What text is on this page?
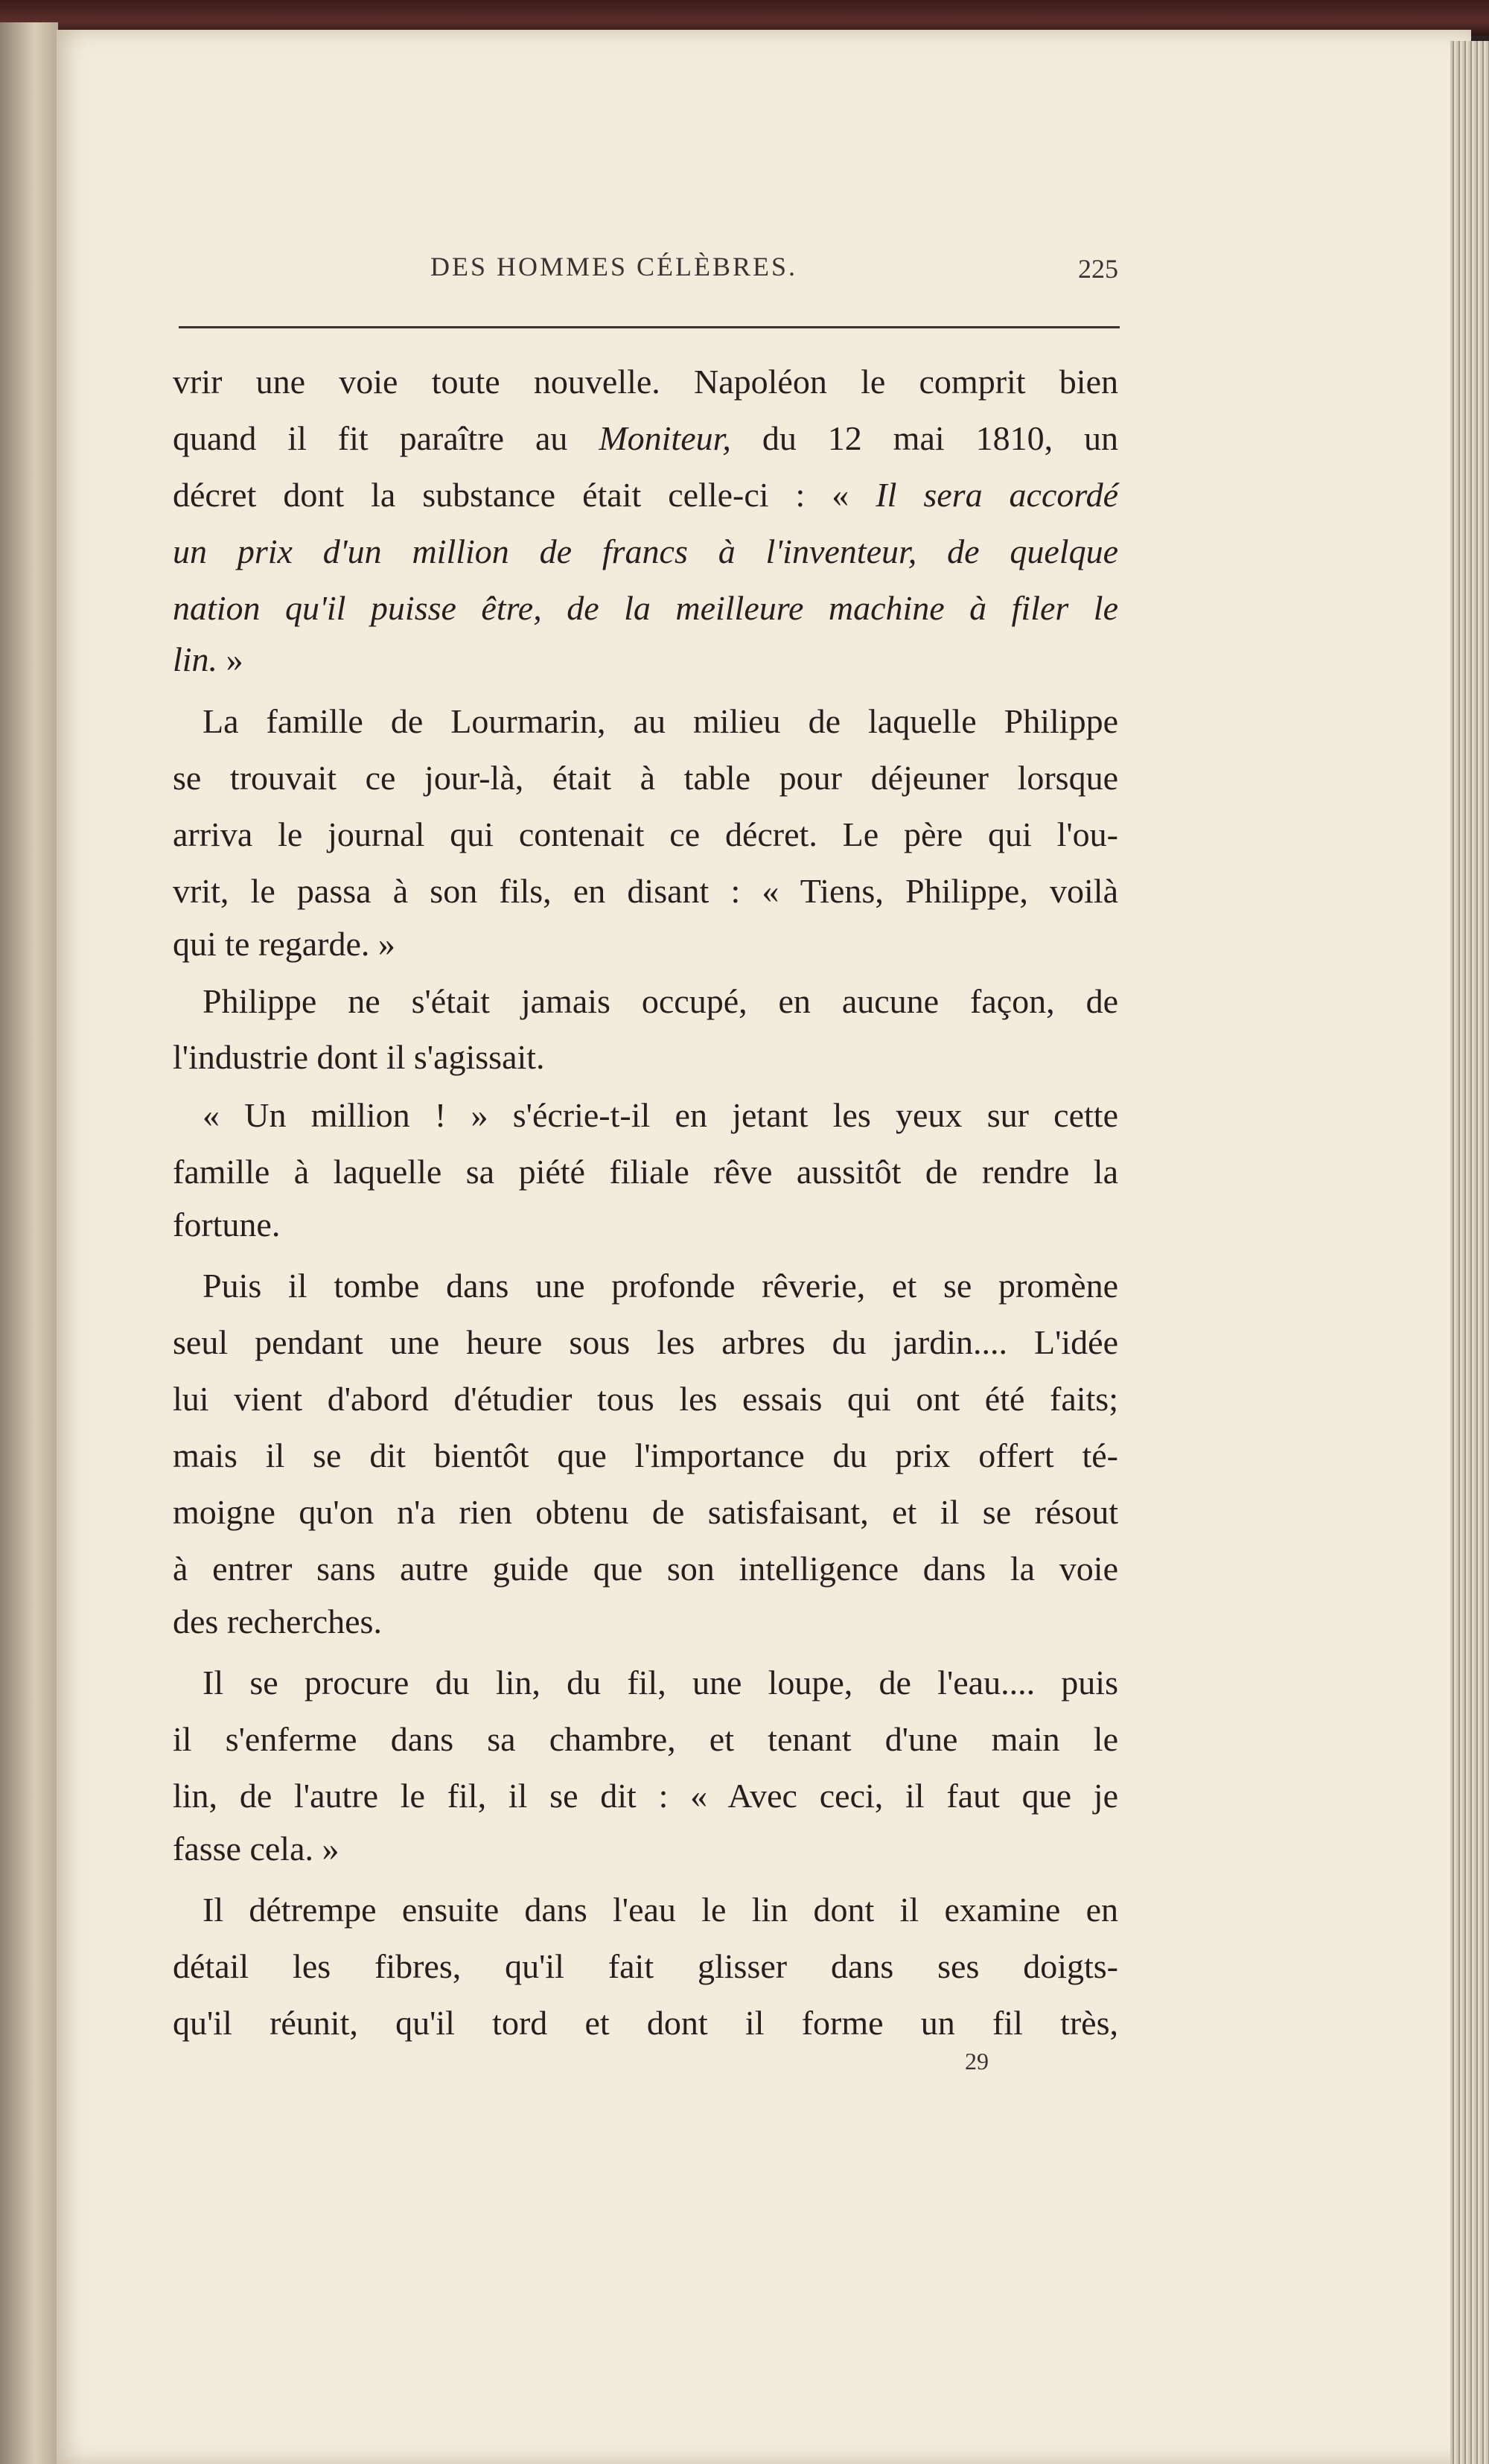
DES HOMMES CÉLÈBRES.	225
vrir une voie toute nouvelle. Napoléon le comprit bien
quand il fit paraître au Moniteur, du 12 mai 1810, un
décret dont la substance était celle-ci : « Il sera accordé
un prix d'un million de francs à l'inventeur, de quelque
nation qu'il puisse être, de la meilleure machine à filer le
lin. »
La famille de Lourmarin, au milieu de laquelle Philippe
se trouvait ce jour-là, était à table pour déjeuner lorsque
arriva le journal qui contenait ce décret. Le père qui l'ou-
vrit, le passa à son fils, en disant : « Tiens, Philippe, voilà
qui te regarde. »
Philippe ne s'était jamais occupé, en aucune façon, de
l'industrie dont il s'agissait.
« Un million ! » s'écrie-t-il en jetant les yeux sur cette
famille à laquelle sa piété filiale rêve aussitôt de rendre la
fortune.
Puis il tombe dans une profonde rêverie, et se promène
seul pendant une heure sous les arbres du jardin.... L'idée
lui vient d'abord d'étudier tous les essais qui ont été faits;
mais il se dit bientôt que l'importance du prix offert té-
moigne qu'on n'a rien obtenu de satisfaisant, et il se résout
à entrer sans autre guide que son intelligence dans la voie
des recherches.
Il se procure du lin, du fil, une loupe, de l'eau.... puis
il s'enferme dans sa chambre, et tenant d'une main le
lin, de l'autre le fil, il se dit : « Avec ceci, il faut que je
fasse cela. »
Il détrempe ensuite dans l'eau le lin dont il examine en
détail les fibres, qu'il fait glisser dans ses doigts-
qu'il réunit, qu'il tord et dont il forme un fil très,
29
